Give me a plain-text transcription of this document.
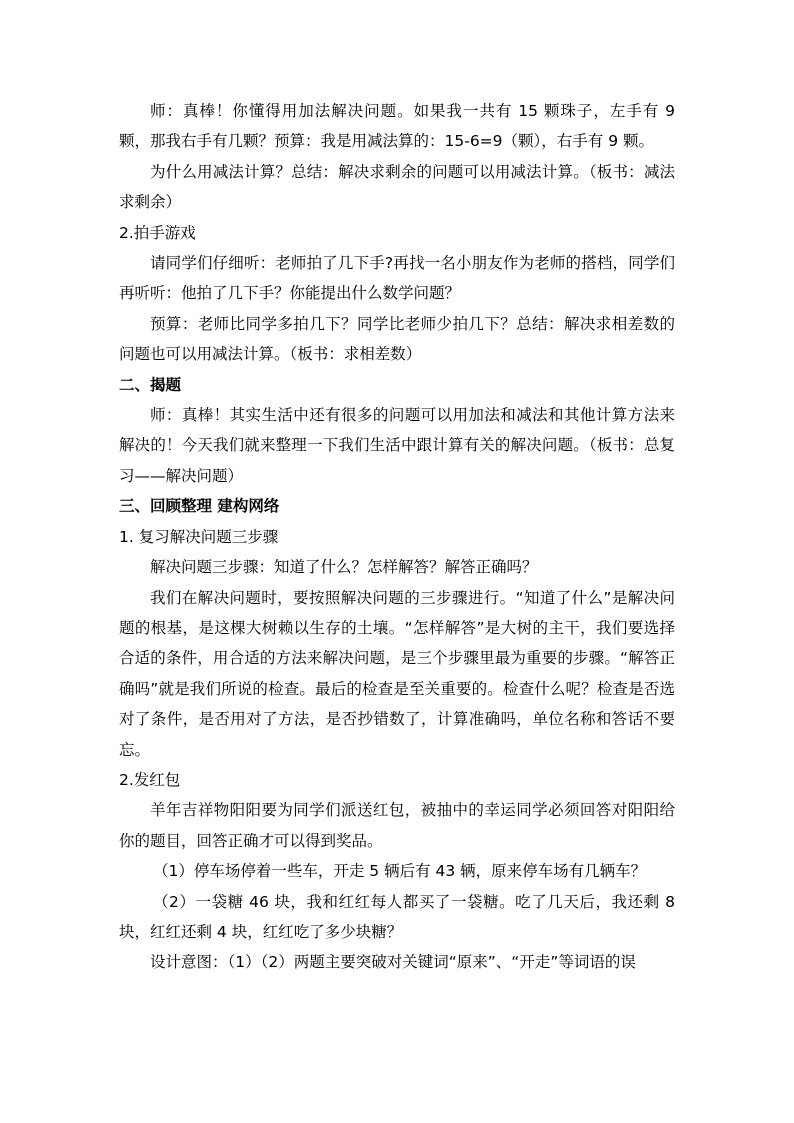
师：真棒！你懂得用加法解决问题。如果我一共有 15 颗珠子，左手有 9 颗，那我右手有几颗？预算：我是用减法算的：15-6=9（颗），右手有 9 颗。

为什么用减法计算？总结：解决求剩余的问题可以用减法计算。（板书：减法 求剩余）

2.拍手游戏

请同学们仔细听：老师拍了几下手?再找一名小朋友作为老师的搭档，同学们再听听：他拍了几下手？你能提出什么数学问题？

预算：老师比同学多拍几下？同学比老师少拍几下？总结：解决求相差数的问题也可以用减法计算。（板书：求相差数）

二、揭题

师：真棒！其实生活中还有很多的问题可以用加法和减法和其他计算方法来解决的！今天我们就来整理一下我们生活中跟计算有关的解决问题。（板书：总复习——解决问题）

三、回顾整理 建构网络

1. 复习解决问题三步骤

解决问题三步骤：知道了什么？怎样解答？解答正确吗？

我们在解决问题时，要按照解决问题的三步骤进行。“知道了什么”是解决问题的根基，是这棵大树赖以生存的土壤。“怎样解答”是大树的主干，我们要选择合适的条件，用合适的方法来解决问题，是三个步骤里最为重要的步骤。“解答正确吗”就是我们所说的检查。最后的检查是至关重要的。检查什么呢？检查是否选对了条件，是否用对了方法，是否抄错数了，计算准确吗，单位名称和答话不要忘。

2.发红包

羊年吉祥物阳阳要为同学们派送红包，被抽中的幸运同学必须回答对阳阳给你的题目，回答正确才可以得到奖品。

（1）停车场停着一些车，开走 5 辆后有 43 辆，原来停车场有几辆车？

（2）一袋糖 46 块，我和红红每人都买了一袋糖。吃了几天后，我还剩 8 块，红红还剩 4 块，红红吃了多少块糖？

设计意图：（1）（2）两题主要突破对关键词“原来”、“开走”等词语的误
